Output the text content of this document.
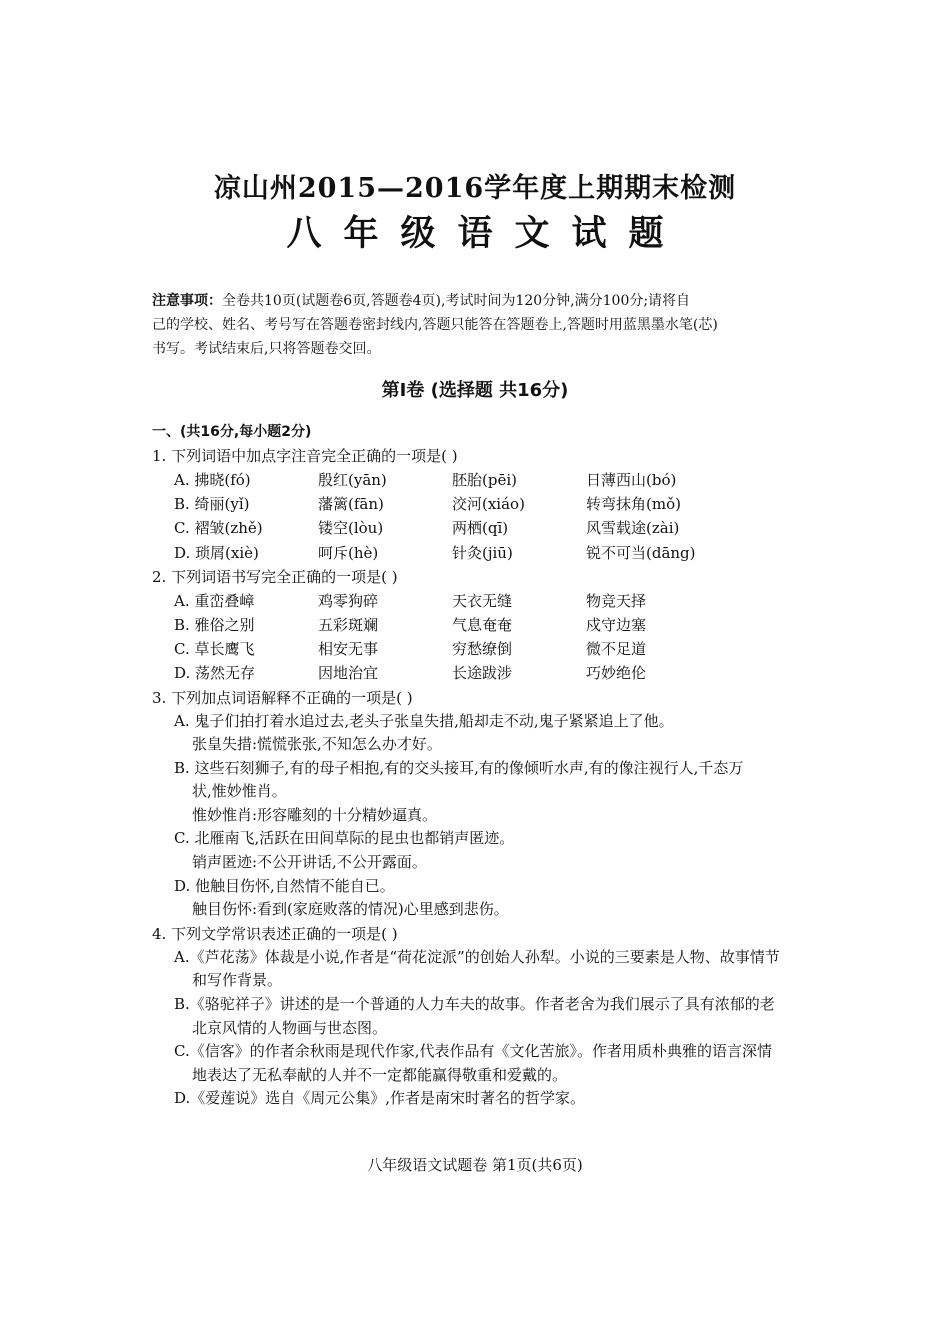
凉山州2015—2016学年度上期期末检测
八年级语文试题
注意事项：全卷共10页(试题卷6页,答题卷4页),考试时间为120分钟,满分100分;请将自
己的学校、姓名、考号写在答题卷密封线内,答题只能答在答题卷上,答题时用蓝黑墨水笔(芯)
书写。考试结束后,只将答题卷交回。
第Ⅰ卷 (选择题 共16分)
一、(共16分,每小题2分)
1. 下列词语中加点字注音完全正确的一项是( )
A. 拂晓(fó)	殷红(yān)	胚胎(pēi)	日薄西山(bó)
B. 绮丽(yǐ)	藩篱(fān)	洨河(xiáo)	转弯抹角(mǒ)
C. 褶皱(zhě)	镂空(lòu)	两栖(qī)	风雪载途(zài)
D. 琐屑(xiè)	呵斥(hè)	针灸(jiū)	锐不可当(dāng)
2. 下列词语书写完全正确的一项是( )
A. 重峦叠嶂	鸡零狗碎	天衣无缝	物竞天择
B. 雅俗之别	五彩斑斓	气息奄奄	戍守边塞
C. 草长鹰飞	相安无事	穷愁缭倒	微不足道
D. 荡然无存	因地治宜	长途跋涉	巧妙绝伦
3. 下列加点词语解释不正确的一项是( )
A. 鬼子们拍打着水追过去,老头子张皇失措,船却走不动,鬼子紧紧追上了他。
张皇失措:慌慌张张,不知怎么办才好。
B. 这些石刻狮子,有的母子相抱,有的交头接耳,有的像倾听水声,有的像注视行人,千态万
状,惟妙惟肖。
惟妙惟肖:形容雕刻的十分精妙逼真。
C. 北雁南飞,活跃在田间草际的昆虫也都销声匿迹。
销声匿迹:不公开讲话,不公开露面。
D. 他触目伤怀,自然情不能自已。
触目伤怀:看到(家庭败落的情况)心里感到悲伤。
4. 下列文学常识表述正确的一项是( )
A.《芦花荡》体裁是小说,作者是“荷花淀派”的创始人孙犁。小说的三要素是人物、故事情节
和写作背景。
B.《骆驼祥子》讲述的是一个普通的人力车夫的故事。作者老舍为我们展示了具有浓郁的老
北京风情的人物画与世态图。
C.《信客》的作者余秋雨是现代作家,代表作品有《文化苦旅》。作者用质朴典雅的语言深情
地表达了无私奉献的人并不一定都能赢得敬重和爱戴的。
D.《爱莲说》选自《周元公集》,作者是南宋时著名的哲学家。
八年级语文试题卷 第1页(共6页)
